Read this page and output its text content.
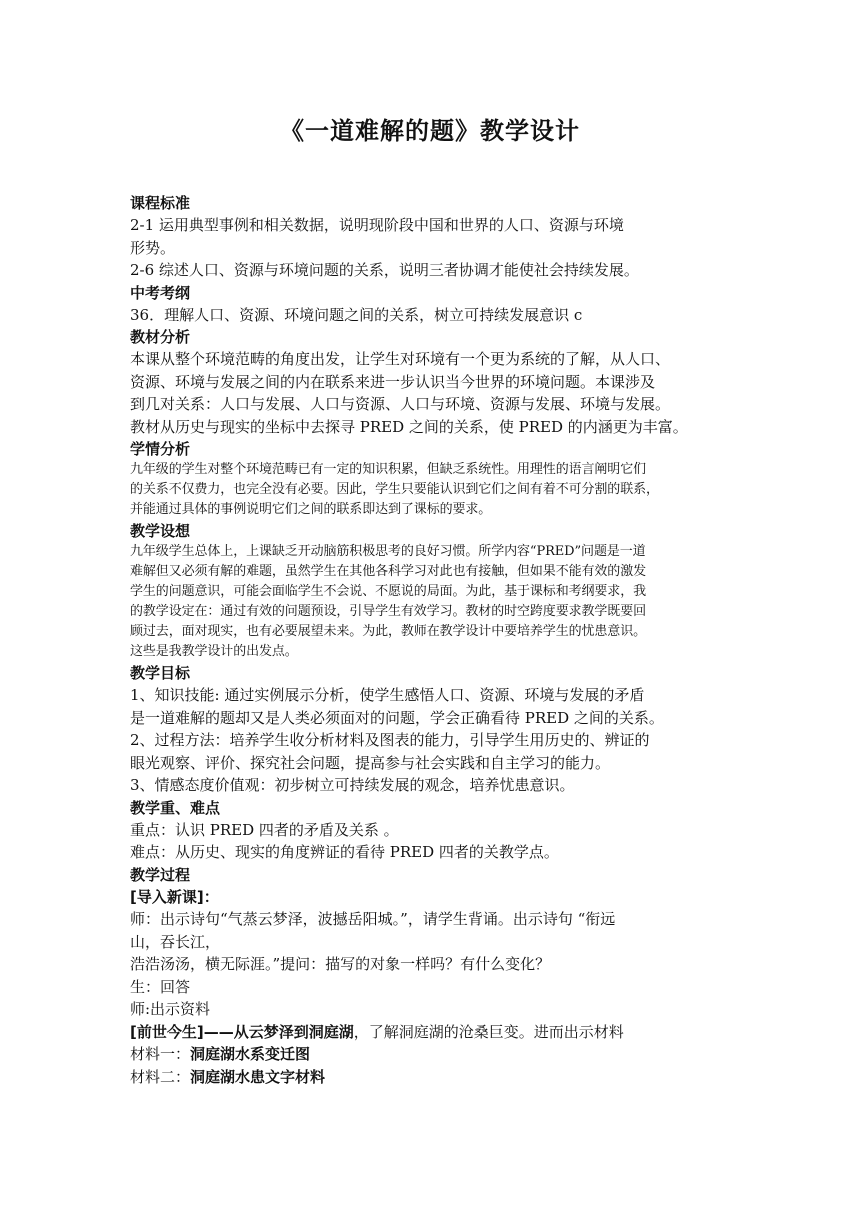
《一道难解的题》教学设计
课程标准
2-1 运用典型事例和相关数据，说明现阶段中国和世界的人口、资源与环境
形势。
2-6 综述人口、资源与环境问题的关系，说明三者协调才能使社会持续发展。
中考考纲
36．理解人口、资源、环境问题之间的关系，树立可持续发展意识 c
教材分析
本课从整个环境范畴的角度出发，让学生对环境有一个更为系统的了解，从人口、
资源、环境与发展之间的内在联系来进一步认识当今世界的环境问题。本课涉及
到几对关系：人口与发展、人口与资源、人口与环境、资源与发展、环境与发展。
教材从历史与现实的坐标中去探寻 PRED 之间的关系，使 PRED 的内涵更为丰富。
学情分析
九年级的学生对整个环境范畴已有一定的知识积累，但缺乏系统性。用理性的语言阐明它们
的关系不仅费力，也完全没有必要。因此，学生只要能认识到它们之间有着不可分割的联系，
并能通过具体的事例说明它们之间的联系即达到了课标的要求。
教学设想
九年级学生总体上，上课缺乏开动脑筋积极思考的良好习惯。所学内容“PRED”问题是一道
难解但又必须有解的难题，虽然学生在其他各科学习对此也有接触，但如果不能有效的激发
学生的问题意识，可能会面临学生不会说、不愿说的局面。为此，基于课标和考纲要求，我
的教学设定在：通过有效的问题预设，引导学生有效学习。教材的时空跨度要求教学既要回
顾过去，面对现实，也有必要展望未来。为此，教师在教学设计中要培养学生的忧患意识。
这些是我教学设计的出发点。
教学目标
1、知识技能: 通过实例展示分析，使学生感悟人口、资源、环境与发展的矛盾
是一道难解的题却又是人类必须面对的问题，学会正确看待 PRED 之间的关系。
2、过程方法：培养学生收分析材料及图表的能力，引导学生用历史的、辨证的
眼光观察、评价、探究社会问题，提高参与社会实践和自主学习的能力。
3、情感态度价值观：初步树立可持续发展的观念，培养忧患意识。
教学重、难点
重点：认识 PRED 四者的矛盾及关系 。
难点：从历史、现实的角度辨证的看待 PRED 四者的关教学点。
教学过程
[导入新课]：
师：出示诗句“气蒸云梦泽，波撼岳阳城。”，请学生背诵。出示诗句 “衔远
山，吞长江，
浩浩汤汤，横无际涯。”提问：描写的对象一样吗？有什么变化？
生：回答
师:出示资料
[前世今生]——从云梦泽到洞庭湖，了解洞庭湖的沧桑巨变。进而出示材料
材料一：洞庭湖水系变迁图
材料二：洞庭湖水患文字材料
